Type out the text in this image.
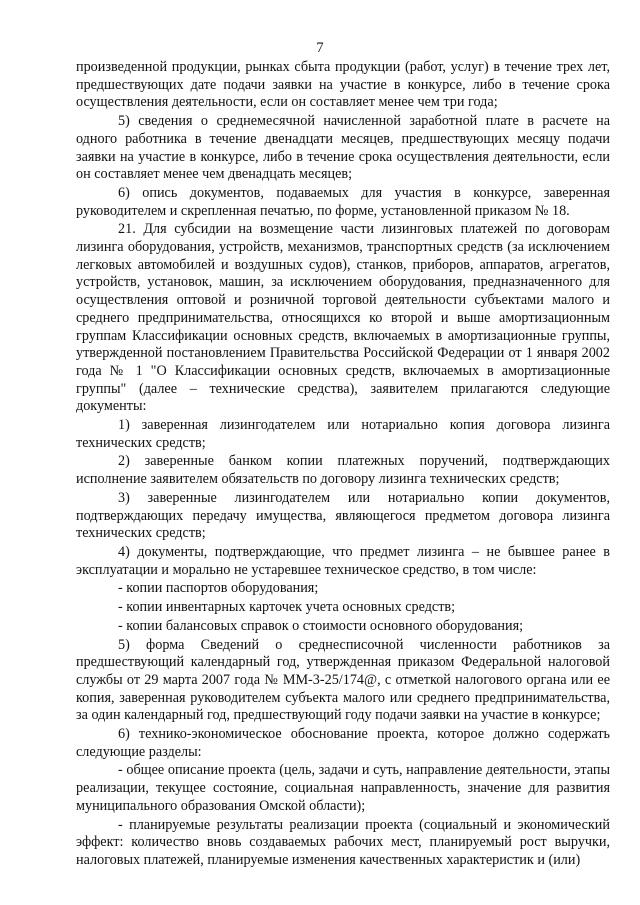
7

произведенной продукции, рынках сбыта продукции (работ, услуг) в течение трех лет, предшествующих дате подачи заявки на участие в конкурсе, либо в течение срока осуществления деятельности, если он составляет менее чем три года;

5) сведения о среднемесячной начисленной заработной плате в расчете на одного работника в течение двенадцати месяцев, предшествующих месяцу подачи заявки на участие в конкурсе, либо в течение срока осуществления деятельности, если он составляет менее чем двенадцать месяцев;

6) опись документов, подаваемых для участия в конкурсе, заверенная руководителем и скрепленная печатью, по форме, установленной приказом № 18.

21. Для субсидии на возмещение части лизинговых платежей по договорам лизинга оборудования, устройств, механизмов, транспортных средств (за исключением легковых автомобилей и воздушных судов), станков, приборов, аппаратов, агрегатов, устройств, установок, машин, за исключением оборудования, предназначенного для осуществления оптовой и розничной торговой деятельности субъектами малого и среднего предпринимательства, относящихся ко второй и выше амортизационным группам Классификации основных средств, включаемых в амортизационные группы, утвержденной постановлением Правительства Российской Федерации от 1 января 2002 года № 1 "О Классификации основных средств, включаемых в амортизационные группы" (далее – технические средства), заявителем прилагаются следующие документы:

1) заверенная лизингодателем или нотариально копия договора лизинга технических средств;

2) заверенные банком копии платежных поручений, подтверждающих исполнение заявителем обязательств по договору лизинга технических средств;

3) заверенные лизингодателем или нотариально копии документов, подтверждающих передачу имущества, являющегося предметом договора лизинга технических средств;

4) документы, подтверждающие, что предмет лизинга – не бывшее ранее в эксплуатации и морально не устаревшее техническое средство, в том числе:

- копии паспортов оборудования;

- копии инвентарных карточек учета основных средств;

- копии балансовых справок о стоимости основного оборудования;

5) форма Сведений о среднесписочной численности работников за предшествующий календарный год, утвержденная приказом Федеральной налоговой службы от 29 марта 2007 года № ММ-3-25/174@, с отметкой налогового органа или ее копия, заверенная руководителем субъекта малого или среднего предпринимательства, за один календарный год, предшествующий году подачи заявки на участие в конкурсе;

6) технико-экономическое обоснование проекта, которое должно содержать следующие разделы:

- общее описание проекта (цель, задачи и суть, направление деятельности, этапы реализации, текущее состояние, социальная направленность, значение для развития муниципального образования Омской области);

- планируемые результаты реализации проекта (социальный и экономический эффект: количество вновь создаваемых рабочих мест, планируемый рост выручки, налоговых платежей, планируемые изменения качественных характеристик и (или)
